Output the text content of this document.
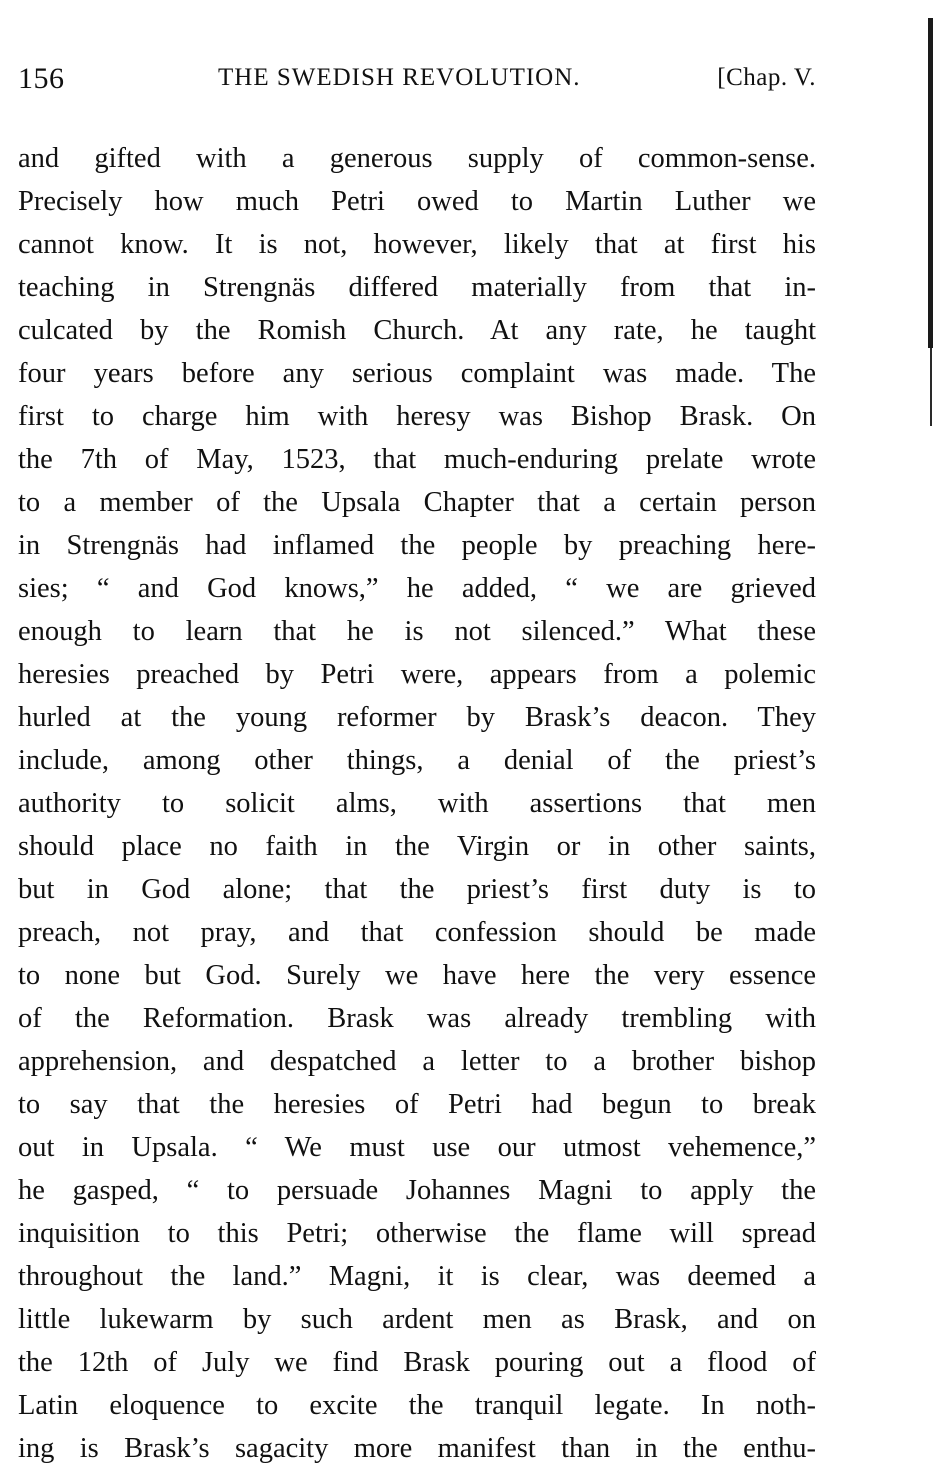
156	THE SWEDISH REVOLUTION.	[Chap. V.
and gifted with a generous supply of common-sense.
Precisely how much Petri owed to Martin Luther we
cannot know. It is not, however, likely that at first his
teaching in Strengnäs differed materially from that in-
culcated by the Romish Church. At any rate, he taught
four years before any serious complaint was made. The
first to charge him with heresy was Bishop Brask. On
the 7th of May, 1523, that much-enduring prelate wrote
to a member of the Upsala Chapter that a certain person
in Strengnäs had inflamed the people by preaching here-
sies; “ and God knows,” he added, “ we are grieved
enough to learn that he is not silenced.” What these
heresies preached by Petri were, appears from a polemic
hurled at the young reformer by Brask’s deacon. They
include, among other things, a denial of the priest’s
authority to solicit alms, with assertions that men
should place no faith in the Virgin or in other saints,
but in God alone; that the priest’s first duty is to
preach, not pray, and that confession should be made
to none but God. Surely we have here the very essence
of the Reformation. Brask was already trembling with
apprehension, and despatched a letter to a brother bishop
to say that the heresies of Petri had begun to break
out in Upsala. “ We must use our utmost vehemence,”
he gasped, “ to persuade Johannes Magni to apply the
inquisition to this Petri; otherwise the flame will spread
throughout the land.” Magni, it is clear, was deemed a
little lukewarm by such ardent men as Brask, and on
the 12th of July we find Brask pouring out a flood of
Latin eloquence to excite the tranquil legate. In noth-
ing is Brask’s sagacity more manifest than in the enthu-
